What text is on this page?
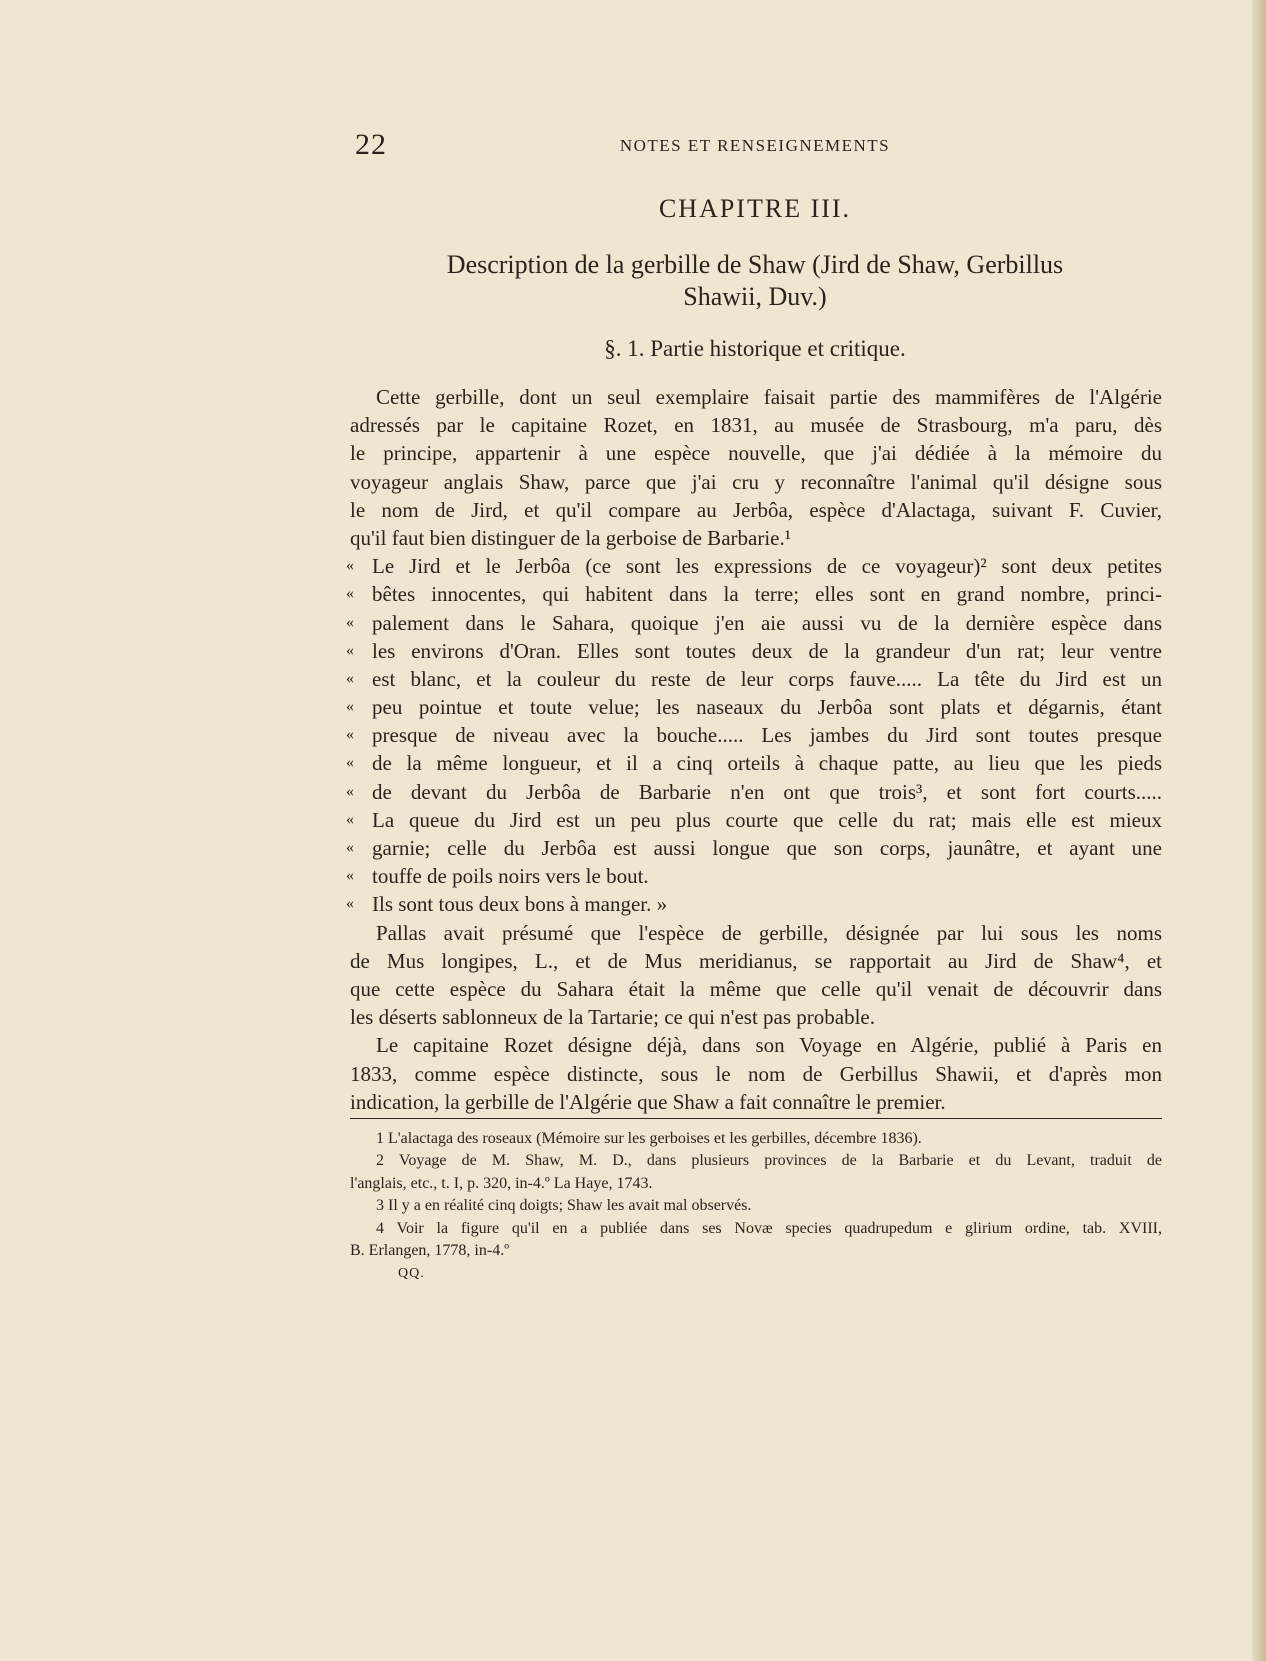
22	NOTES ET RENSEIGNEMENTS
CHAPITRE III.
Description de la gerbille de Shaw (Jird de Shaw, Gerbillus
Shawii, Duv.)
§. 1. Partie historique et critique.
Cette gerbille, dont un seul exemplaire faisait partie des mammifères de l'Algérie
adressés par le capitaine Rozet, en 1831, au musée de Strasbourg, m'a paru, dès
le principe, appartenir à une espèce nouvelle, que j'ai dédiée à la mémoire du
voyageur anglais Shaw, parce que j'ai cru y reconnaître l'animal qu'il désigne sous
le nom de Jird, et qu'il compare au Jerbôa, espèce d'Alactaga, suivant F. Cuvier,
qu'il faut bien distinguer de la gerboise de Barbarie.¹
« Le Jird et le Jerbôa (ce sont les expressions de ce voyageur)² sont deux petites
« bêtes innocentes, qui habitent dans la terre; elles sont en grand nombre, princi-
« palement dans le Sahara, quoique j'en aie aussi vu de la dernière espèce dans
« les environs d'Oran. Elles sont toutes deux de la grandeur d'un rat; leur ventre
« est blanc, et la couleur du reste de leur corps fauve..... La tête du Jird est un
« peu pointue et toute velue; les naseaux du Jerbôa sont plats et dégarnis, étant
« presque de niveau avec la bouche..... Les jambes du Jird sont toutes presque
« de la même longueur, et il a cinq orteils à chaque patte, au lieu que les pieds
« de devant du Jerbôa de Barbarie n'en ont que trois³, et sont fort courts.....
« La queue du Jird est un peu plus courte que celle du rat; mais elle est mieux
« garnie; celle du Jerbôa est aussi longue que son corps, jaunâtre, et ayant une
« touffe de poils noirs vers le bout.
« Ils sont tous deux bons à manger. »
Pallas avait présumé que l'espèce de gerbille, désignée par lui sous les noms
de Mus longipes, L., et de Mus meridianus, se rapportait au Jird de Shaw⁴, et
que cette espèce du Sahara était la même que celle qu'il venait de découvrir dans
les déserts sablonneux de la Tartarie; ce qui n'est pas probable.
Le capitaine Rozet désigne déjà, dans son Voyage en Algérie, publié à Paris en
1833, comme espèce distincte, sous le nom de Gerbillus Shawii, et d'après mon
indication, la gerbille de l'Algérie que Shaw a fait connaître le premier.
1 L'alactaga des roseaux (Mémoire sur les gerboises et les gerbilles, décembre 1836).
2 Voyage de M. Shaw, M. D., dans plusieurs provinces de la Barbarie et du Levant, traduit de
l'anglais, etc., t. I, p. 320, in-4.º La Haye, 1743.
3 Il y a en réalité cinq doigts; Shaw les avait mal observés.
4 Voir la figure qu'il en a publiée dans ses Novæ species quadrupedum e glirium ordine, tab. XVIII,
B. Erlangen, 1778, in-4.º
QQ.
